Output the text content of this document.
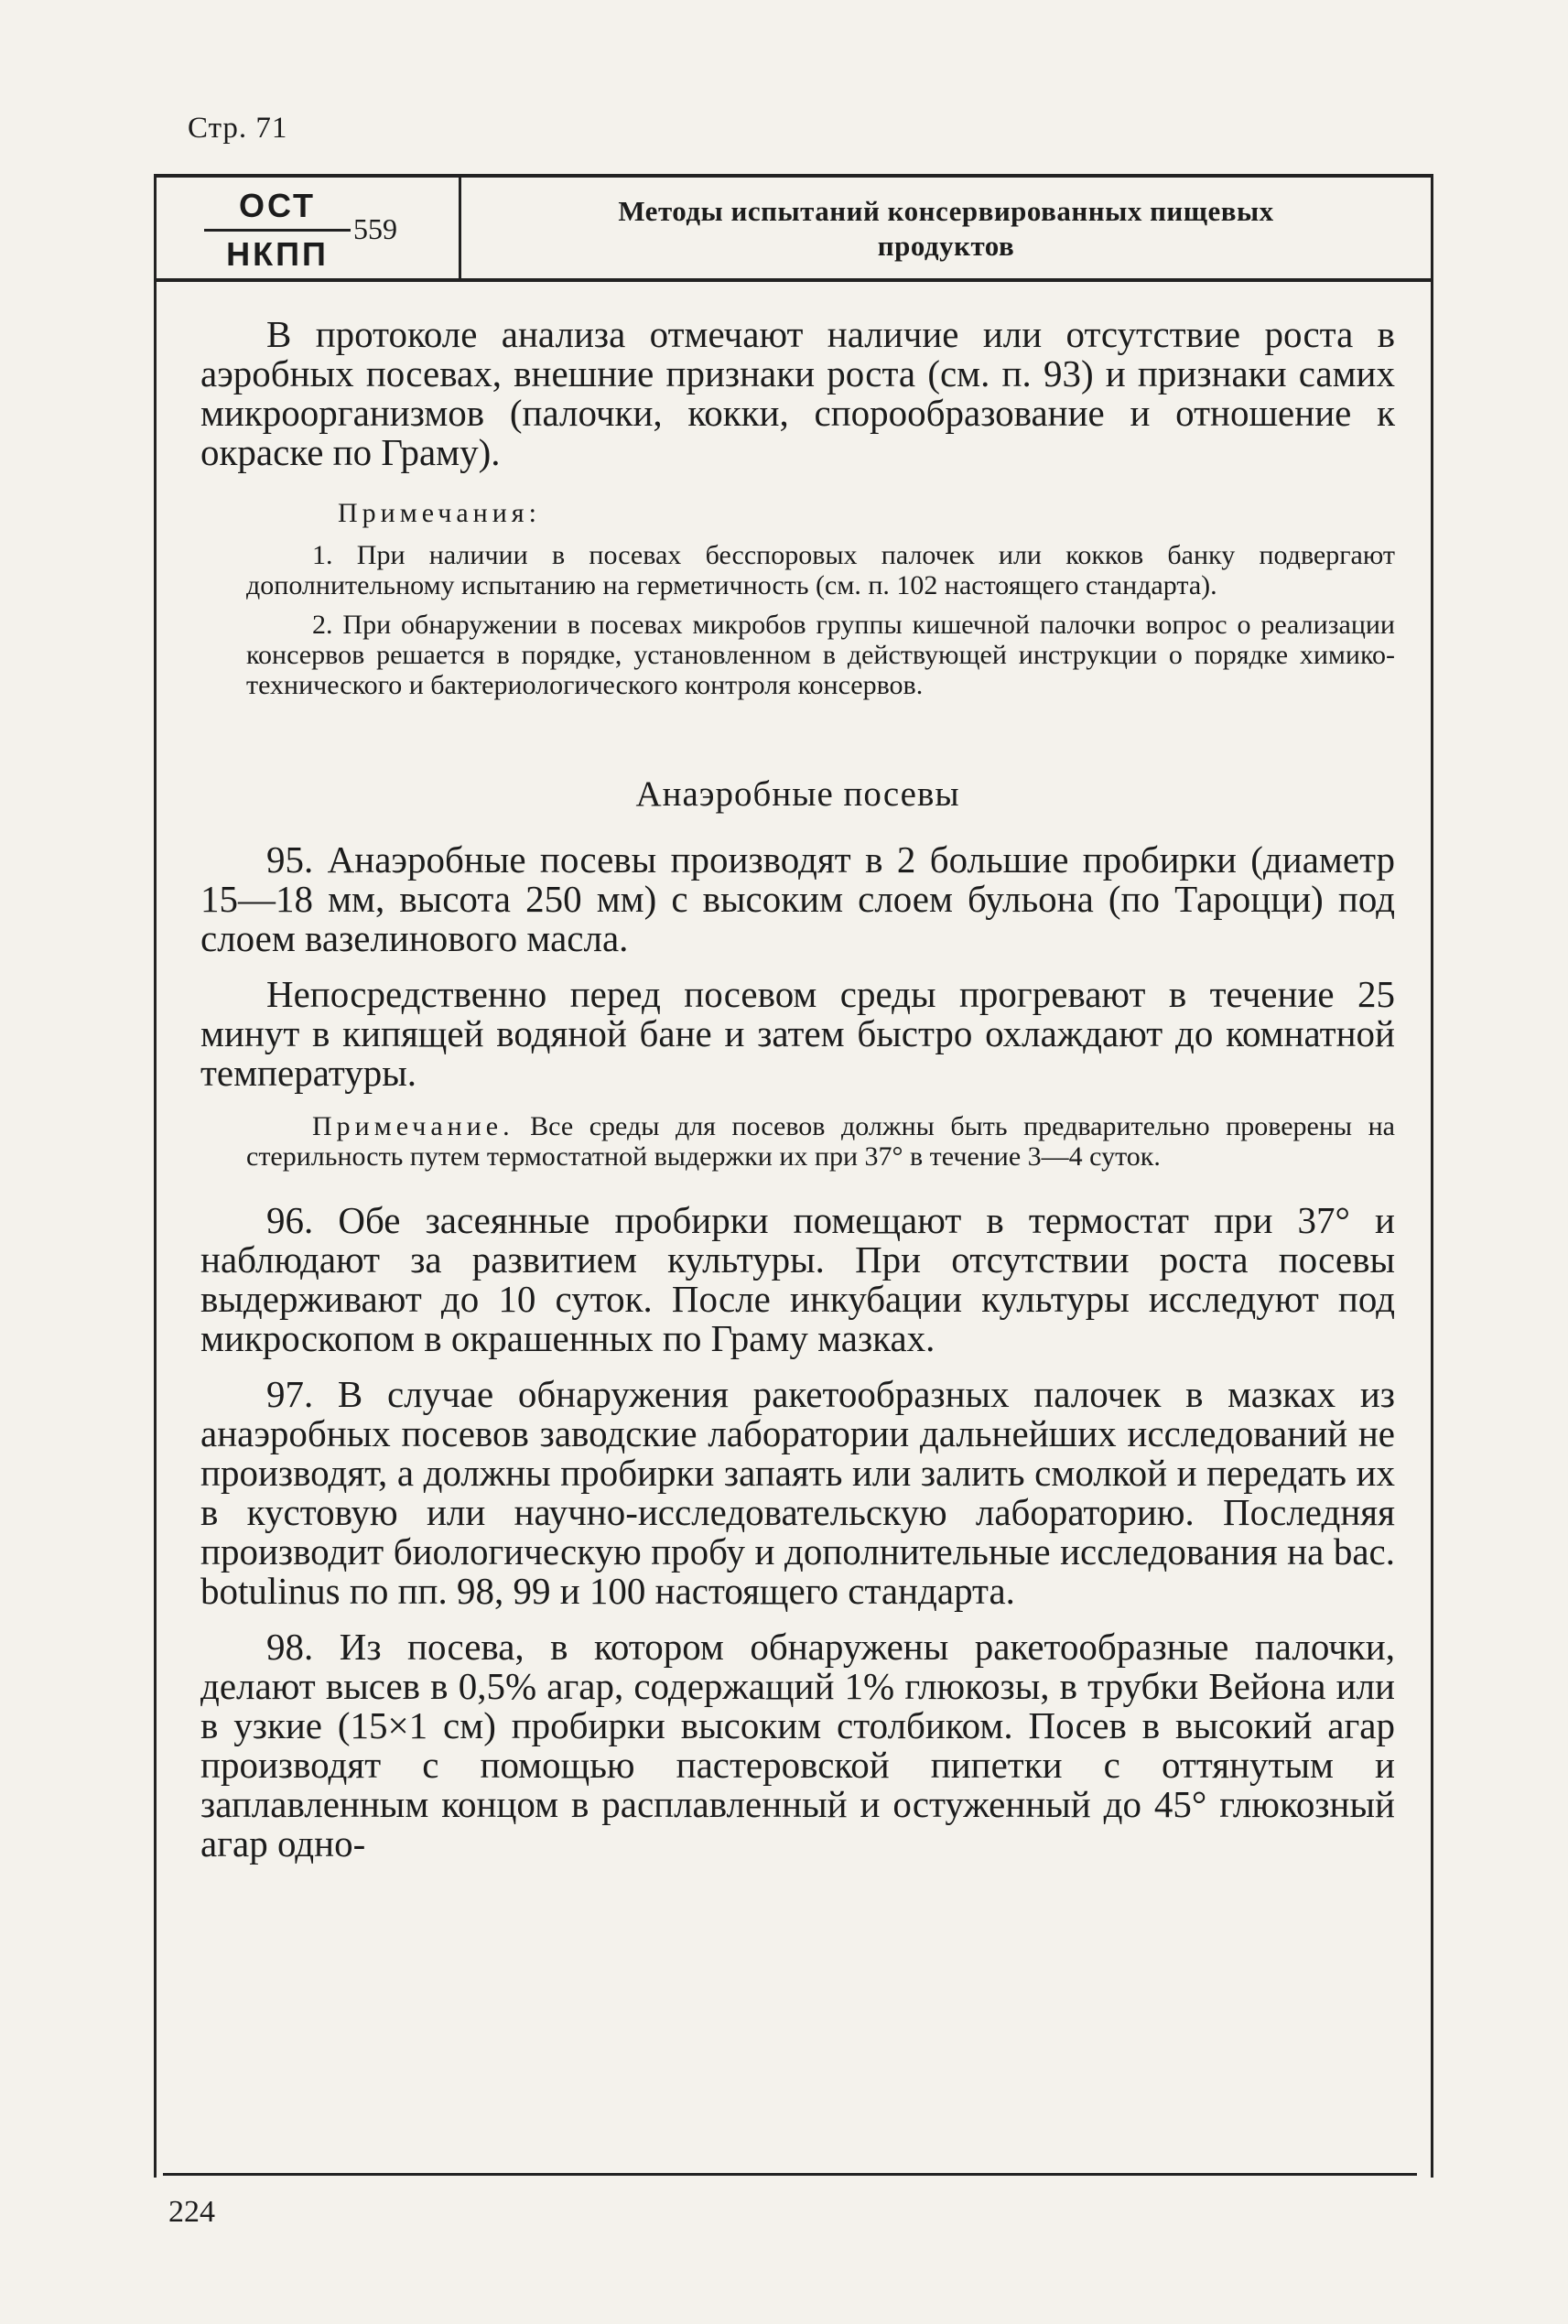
Стр. 71
ОСТ
НКПП
559
Методы испытаний консервированных пищевых
продуктов

В протоколе анализа отмечают наличие или отсутствие роста в аэробных посевах, внешние признаки роста (см. п. 93) и признаки самих микроорганизмов (палочки, кокки, спорообразование и отношение к окраске по Граму).

Примечания:

1. При наличии в посевах бесспоровых палочек или кокков банку подвергают дополнительному испытанию на герметичность (см. п. 102 настоящего стандарта).

2. При обнаружении в посевах микробов группы кишечной палочки вопрос о реализации консервов решается в порядке, установленном в действующей инструкции о порядке химико-технического и бактериологического контроля консервов.

Анаэробные посевы

95. Анаэробные посевы производят в 2 большие пробирки (диаметр 15—18 мм, высота 250 мм) с высоким слоем бульона (по Тароцци) под слоем вазелинового масла.

Непосредственно перед посевом среды прогревают в течение 25 минут в кипящей водяной бане и затем быстро охлаждают до комнатной температуры.

Примечание. Все среды для посевов должны быть предварительно проверены на стерильность путем термостатной выдержки их при 37° в течение 3—4 суток.

96. Обе засеянные пробирки помещают в термостат при 37° и наблюдают за развитием культуры. При отсутствии роста посевы выдерживают до 10 суток. После инкубации культуры исследуют под микроскопом в окрашенных по Граму мазках.

97. В случае обнаружения ракетообразных палочек в мазках из анаэробных посевов заводские лаборатории дальнейших исследований не производят, а должны пробирки запаять или залить смолкой и передать их в кустовую или научно-исследовательскую лабораторию. Последняя производит биологическую пробу и дополнительные исследования на bac. botulinus по пп. 98, 99 и 100 настоящего стандарта.

98. Из посева, в котором обнаружены ракетообразные палочки, делают высев в 0,5% агар, содержащий 1% глюкозы, в трубки Вейона или в узкие (15×1 см) пробирки высоким столбиком. Посев в высокий агар производят с помощью пастеровской пипетки с оттянутым и заплавленным концом в расплавленный и остуженный до 45° глюкозный агар одно-

224
